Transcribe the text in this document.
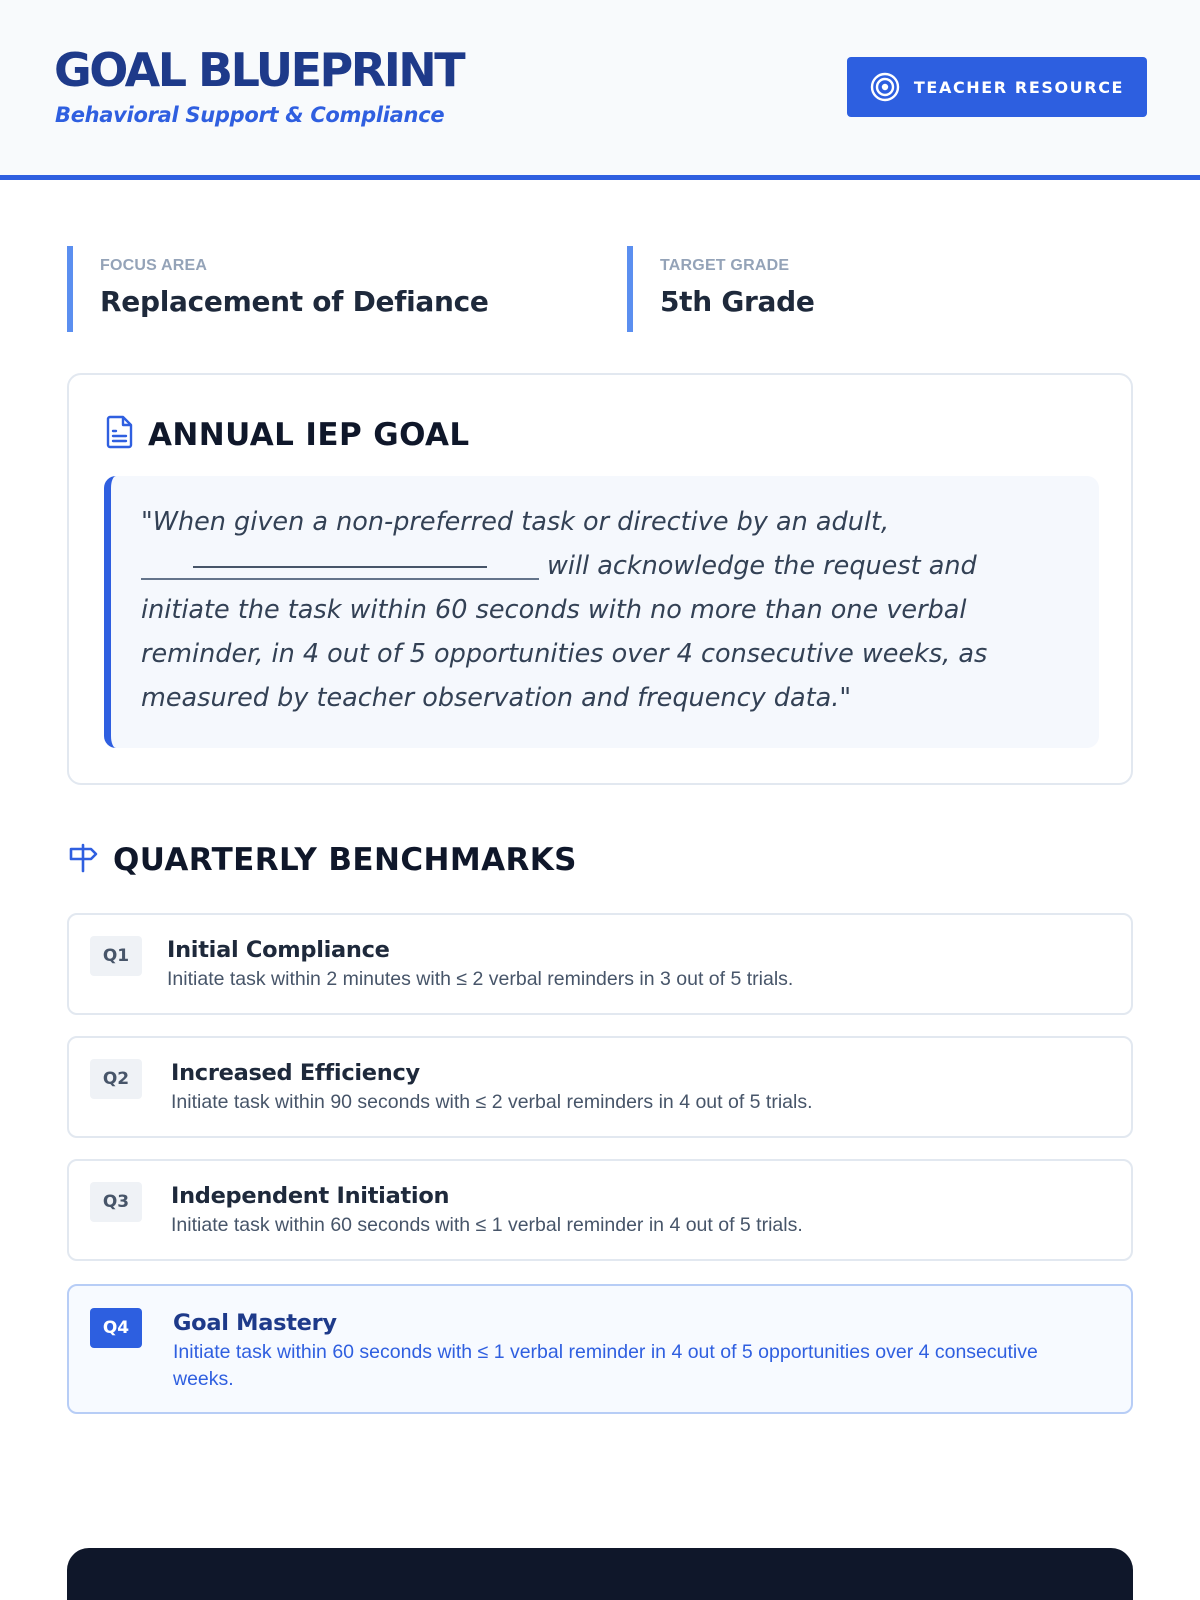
GOAL BLUEPRINT
Behavioral Support & Compliance
TEACHER RESOURCE
FOCUS AREA
Replacement of Defiance
TARGET GRADE
5th Grade
ANNUAL IEP GOAL
"When given a non-preferred task or directive by an adult, will acknowledge the request and initiate the task within 60 seconds with no more than one verbal reminder, in 4 out of 5 opportunities over 4 consecutive weeks, as measured by teacher observation and frequency data."
QUARTERLY BENCHMARKS
Q1	Initial Compliance
Initiate task within 2 minutes with ≤ 2 verbal reminders in 3 out of 5 trials.
Q2	Increased Efficiency
Initiate task within 90 seconds with ≤ 2 verbal reminders in 4 out of 5 trials.
Q3	Independent Initiation
Initiate task within 60 seconds with ≤ 1 verbal reminder in 4 out of 5 trials.
Q4	Goal Mastery
Initiate task within 60 seconds with ≤ 1 verbal reminder in 4 out of 5 opportunities over 4 consecutive weeks.
